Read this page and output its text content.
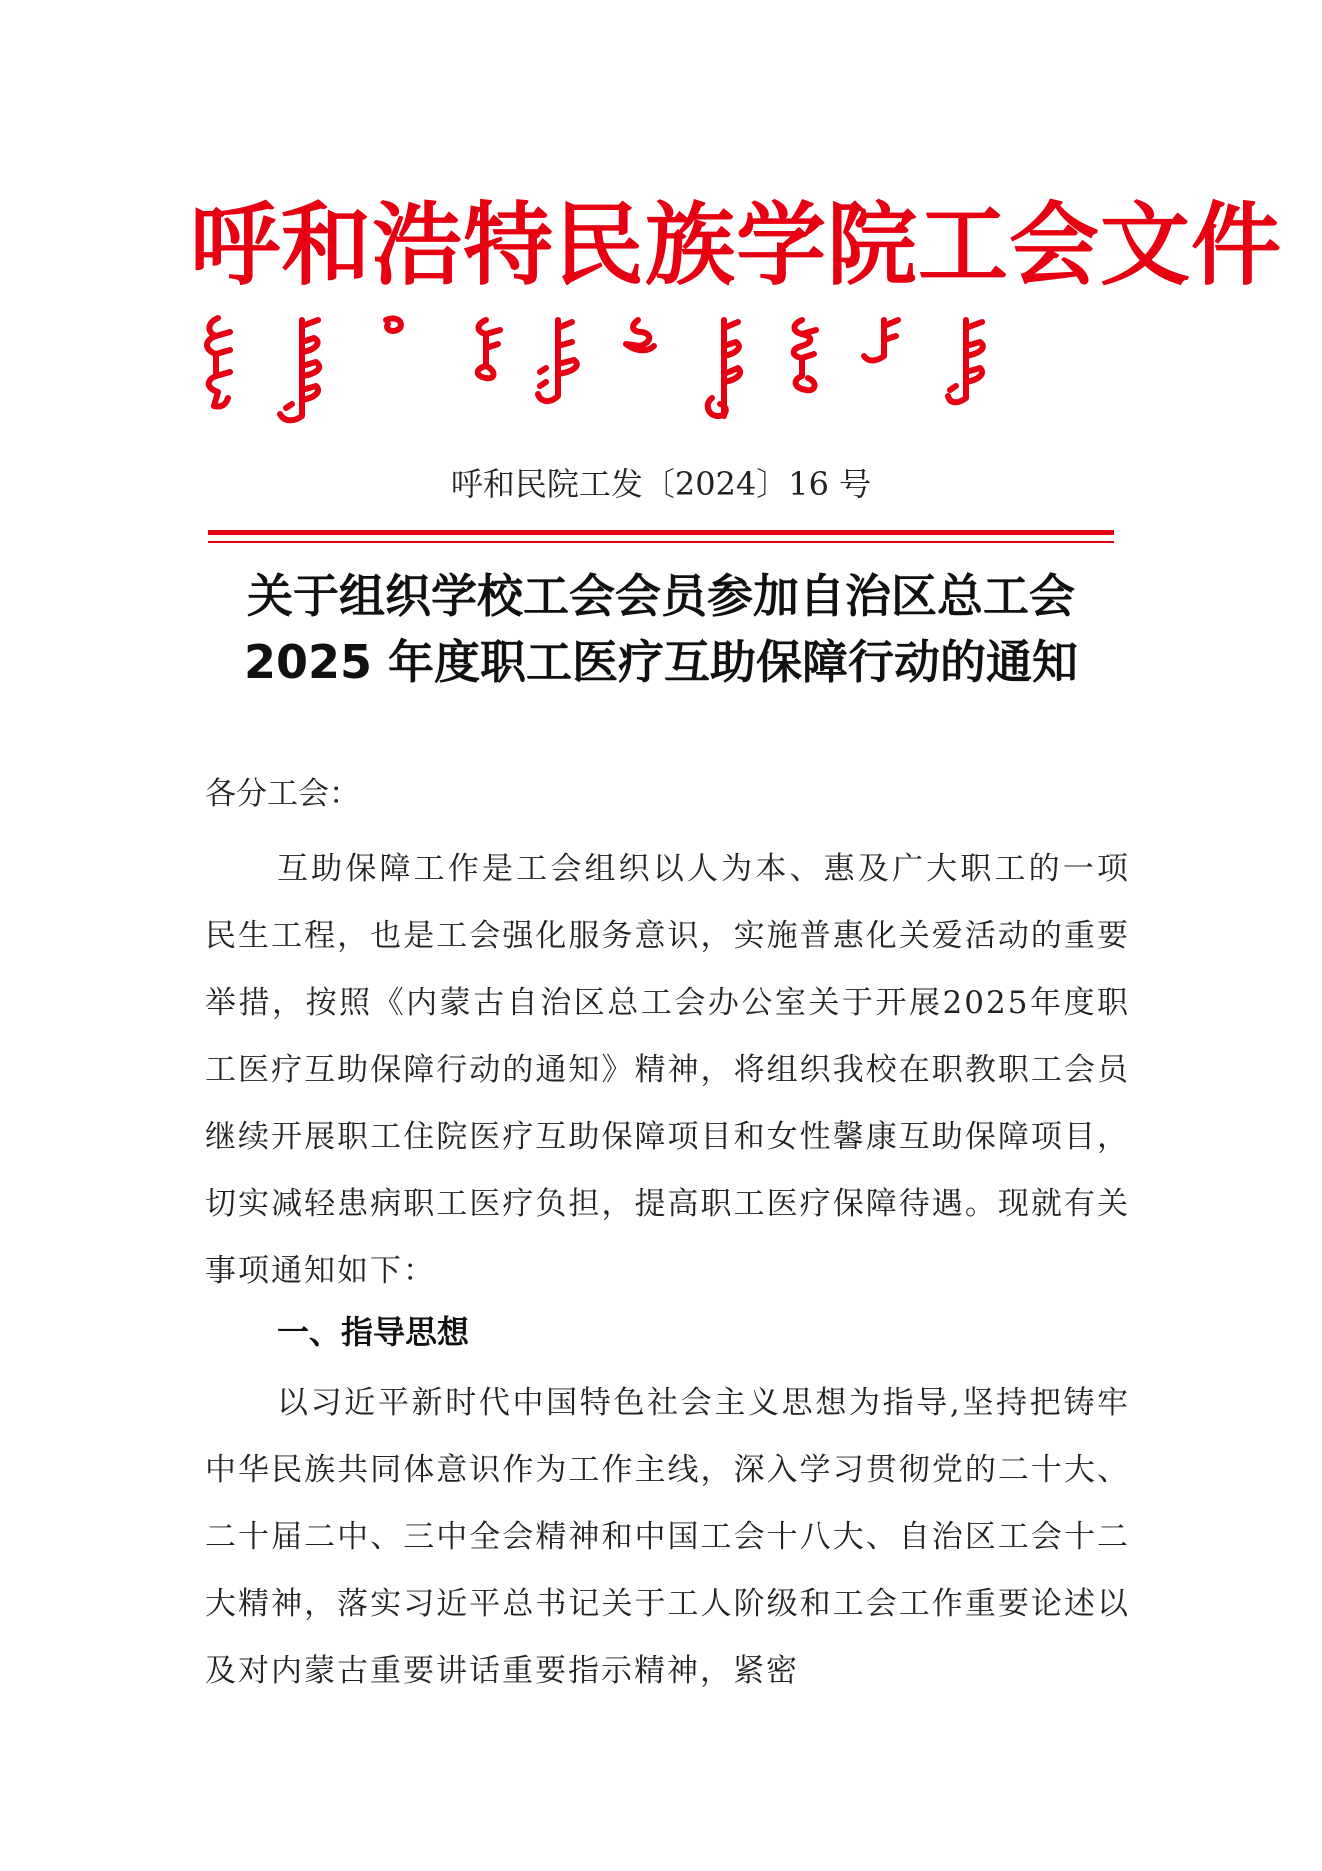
呼和浩特民族学院工会文件
呼和民院工发〔2024〕16 号
关于组织学校工会会员参加自治区总工会
2025 年度职工医疗互助保障行动的通知
各分工会：

互助保障工作是工会组织以人为本、惠及广大职工的一项民生工程，也是工会强化服务意识，实施普惠化关爱活动的重要举措，按照《内蒙古自治区总工会办公室关于开展2025年度职工医疗互助保障行动的通知》精神，将组织我校在职教职工会员继续开展职工住院医疗互助保障项目和女性馨康互助保障项目，切实减轻患病职工医疗负担，提高职工医疗保障待遇。现就有关事项通知如下：

一、指导思想

以习近平新时代中国特色社会主义思想为指导,坚持把铸牢中华民族共同体意识作为工作主线，深入学习贯彻党的二十大、二十届二中、三中全会精神和中国工会十八大、自治区工会十二大精神，落实习近平总书记关于工人阶级和工会工作重要论述以及对内蒙古重要讲话重要指示精神，紧密
